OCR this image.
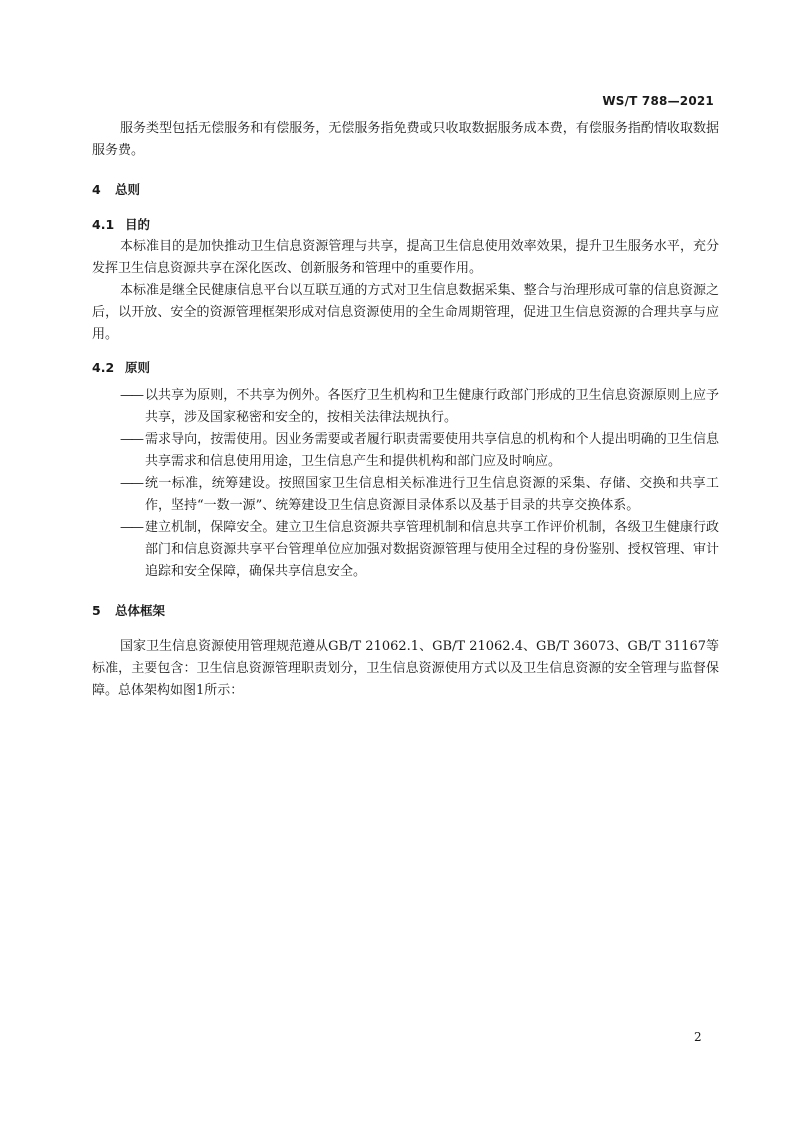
WS/T 788—2021

服务类型包括无偿服务和有偿服务，无偿服务指免费或只收取数据服务成本费，有偿服务指酌情收取数据服务费。

4 总则

4.1 目的

本标准目的是加快推动卫生信息资源管理与共享，提高卫生信息使用效率效果，提升卫生服务水平，充分发挥卫生信息资源共享在深化医改、创新服务和管理中的重要作用。

本标准是继全民健康信息平台以互联互通的方式对卫生信息数据采集、整合与治理形成可靠的信息资源之后，以开放、安全的资源管理框架形成对信息资源使用的全生命周期管理，促进卫生信息资源的合理共享与应用。

4.2 原则

—— 以共享为原则，不共享为例外。各医疗卫生机构和卫生健康行政部门形成的卫生信息资源原则上应予共享，涉及国家秘密和安全的，按相关法律法规执行。

—— 需求导向，按需使用。因业务需要或者履行职责需要使用共享信息的机构和个人提出明确的卫生信息共享需求和信息使用用途，卫生信息产生和提供机构和部门应及时响应。

—— 统一标准，统筹建设。按照国家卫生信息相关标准进行卫生信息资源的采集、存储、交换和共享工作，坚持“一数一源”、统筹建设卫生信息资源目录体系以及基于目录的共享交换体系。

—— 建立机制，保障安全。建立卫生信息资源共享管理机制和信息共享工作评价机制，各级卫生健康行政部门和信息资源共享平台管理单位应加强对数据资源管理与使用全过程的身份鉴别、授权管理、审计追踪和安全保障，确保共享信息安全。

5 总体框架

国家卫生信息资源使用管理规范遵从GB/T 21062.1、GB/T 21062.4、GB/T 36073、GB/T 31167等标准，主要包含：卫生信息资源管理职责划分，卫生信息资源使用方式以及卫生信息资源的安全管理与监督保障。总体架构如图1所示：

2
